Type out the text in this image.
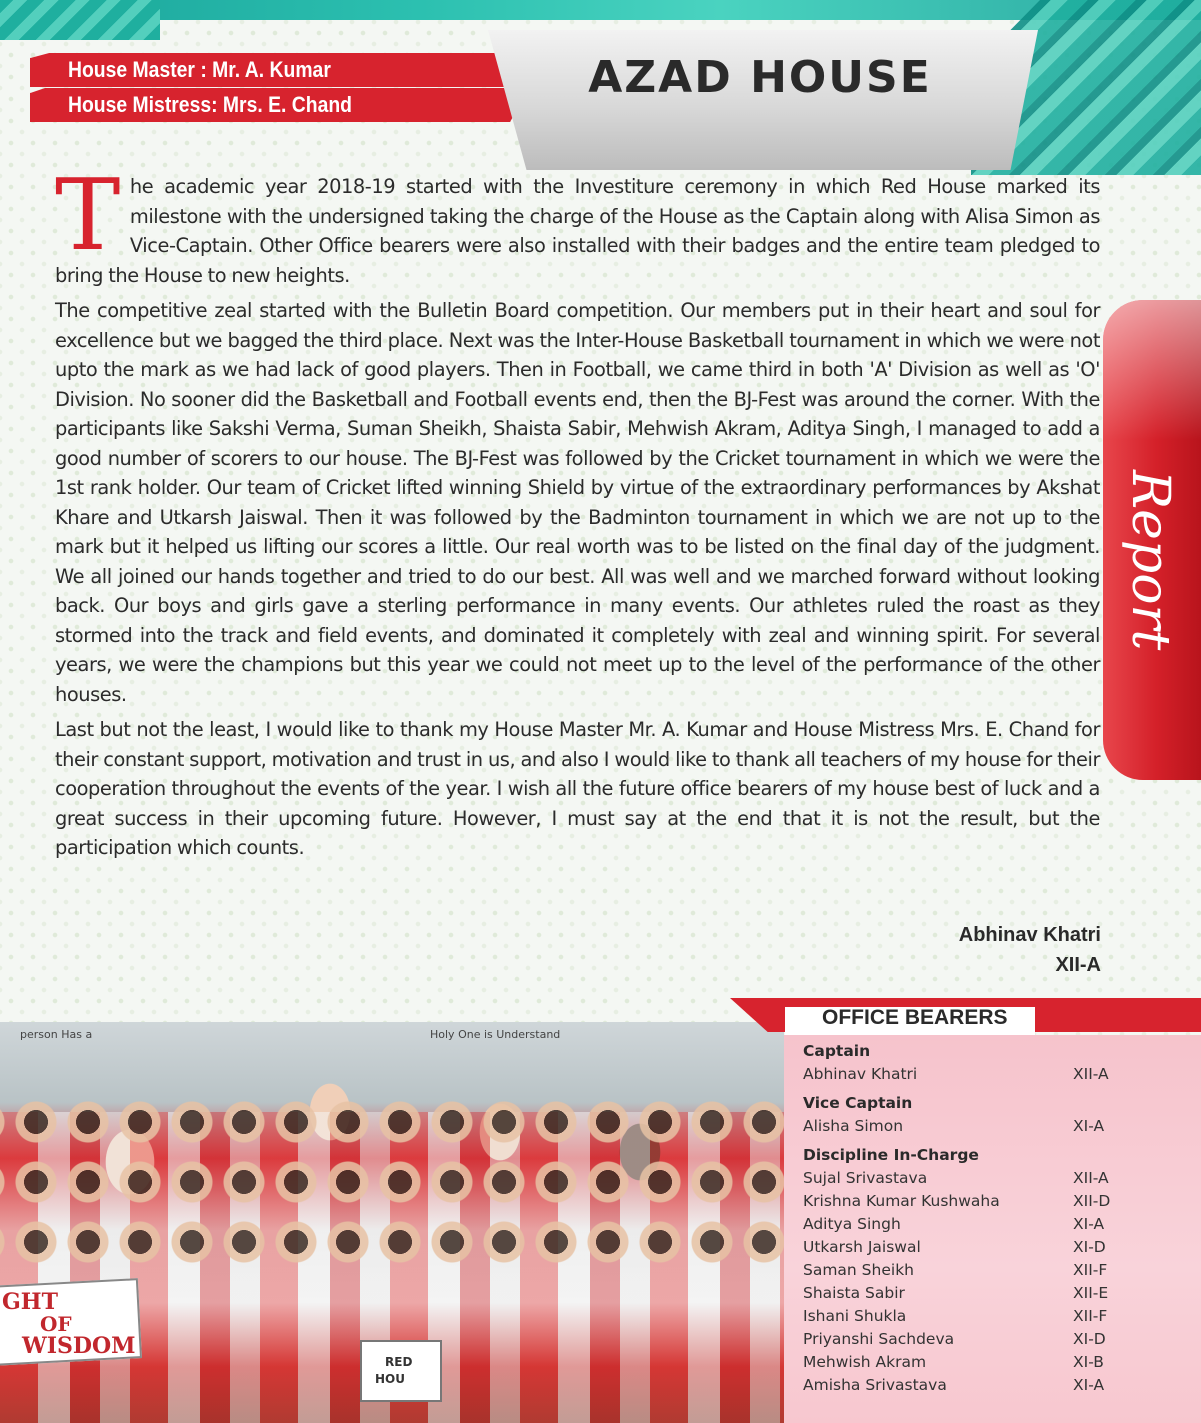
House Master : Mr. A. Kumar
House Mistress: Mrs. E. Chand
AZAD HOUSE
Report

The academic year 2018-19 started with the Investiture ceremony in which Red House marked its milestone with the undersigned taking the charge of the House as the Captain along with Alisa Simon as Vice-Captain. Other Office bearers were also installed with their badges and the entire team pledged to bring the House to new heights.

The competitive zeal started with the Bulletin Board competition. Our members put in their heart and soul for excellence but we bagged the third place. Next was the Inter-House Basketball tournament in which we were not upto the mark as we had lack of good players. Then in Football, we came third in both 'A' Division as well as 'O' Division. No sooner did the Basketball and Football events end, then the BJ-Fest was around the corner. With the participants like Sakshi Verma, Suman Sheikh, Shaista Sabir, Mehwish Akram, Aditya Singh, I managed to add a good number of scorers to our house. The BJ-Fest was followed by the Cricket tournament in which we were the 1st rank holder. Our team of Cricket lifted winning Shield by virtue of the extraordinary performances by Akshat Khare and Utkarsh Jaiswal. Then it was followed by the Badminton tournament in which we are not up to the mark but it helped us lifting our scores a little. Our real worth was to be listed on the final day of the judgment. We all joined our hands together and tried to do our best. All was well and we marched forward without looking back. Our boys and girls gave a sterling performance in many events. Our athletes ruled the roast as they stormed into the track and field events, and dominated it completely with zeal and winning spirit. For several years, we were the champions but this year we could not meet up to the level of the performance of the other houses.

Last but not the least, I would like to thank my House Master Mr. A. Kumar and House Mistress Mrs. E. Chand for their constant support, motivation and trust in us, and also I would like to thank all teachers of my house for their cooperation throughout the events of the year. I wish all the future office bearers of my house best of luck and a great success in their upcoming future. However, I must say at the end that it is not the result, but the participation which counts.

Abhinav Khatri
XII-A
person Has a	Holy One is Understand
GHT
OF
WISDOM
RED
HOU
OFFICE BEARERS
Captain
Abhinav Khatri	XII-A
Vice Captain
Alisha Simon	XI-A
Discipline In-Charge
Sujal Srivastava	XII-A
Krishna Kumar Kushwaha	XII-D
Aditya Singh	XI-A
Utkarsh Jaiswal	XI-D
Saman Sheikh	XII-F
Shaista Sabir	XII-E
Ishani Shukla	XII-F
Priyanshi Sachdeva	XI-D
Mehwish Akram	XI-B
Amisha Srivastava	XI-A
